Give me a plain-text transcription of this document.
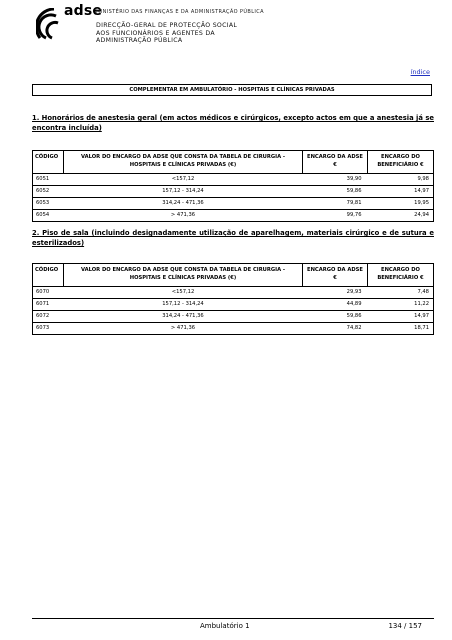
adse
MINISTÉRIO DAS FINANÇAS E DA ADMINISTRAÇÃO PÚBLICA
DIRECÇÃO-GERAL DE PROTECÇÃO SOCIAL
AOS FUNCIONÁRIOS E AGENTES DA
ADMINISTRAÇÃO PÚBLICA
índice
COMPLEMENTAR EM AMBULATÓRIO - HOSPITAIS E CLÍNICAS PRIVADAS
1. Honorários de anestesia geral (em actos médicos e cirúrgicos, excepto actos em que a anestesia já se encontra incluída)
CÓDIGO	VALOR DO ENCARGO DA ADSE QUE CONSTA DA TABELA DE CIRURGIA - HOSPITAIS E CLÍNICAS PRIVADAS (€)	ENCARGO DA ADSE €	ENCARGO DO BENEFICIÁRIO €
6051	<157,12	39,90	9,98
6052	157,12 - 314,24	59,86	14,97
6053	314,24 - 471,36	79,81	19,95
6054	> 471,36	99,76	24,94
2. Piso de sala (incluindo designadamente utilização de aparelhagem, materiais cirúrgico e de sutura e esterilizados)
CÓDIGO	VALOR DO ENCARGO DA ADSE QUE CONSTA DA TABELA DE CIRURGIA - HOSPITAIS E CLÍNICAS PRIVADAS (€)	ENCARGO DA ADSE €	ENCARGO DO BENEFICIÁRIO €
6070	<157,12	29,93	7,48
6071	157,12 - 314,24	44,89	11,22
6072	314,24 - 471,36	59,86	14,97
6073	> 471,36	74,82	18,71
Ambulatório 1	134 / 157
